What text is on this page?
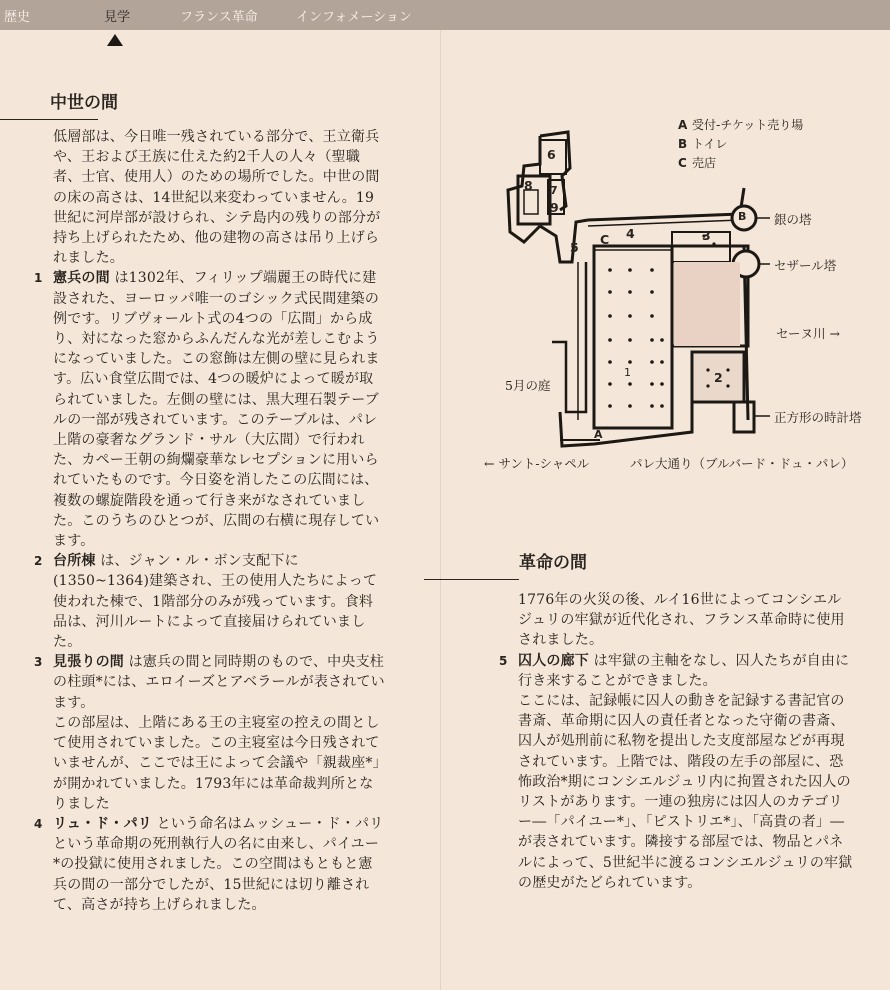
歴史	見学	フランス革命	インフォメーション
中世の間

低層部は、今日唯一残されている部分で、王立衛兵や、王および王族に仕えた約2千人の人々（聖職者、士官、使用人）のための場所でした。中世の間の床の高さは、14世紀以来変わっていません。19世紀に河岸部が設けられ、シテ島内の残りの部分が持ち上げられたため、他の建物の高さは吊り上げられました。

1 憲兵の間 は1302年、フィリップ端麗王の時代に建設された、ヨーロッパ唯一のゴシック式民間建築の例です。リブヴォールト式の4つの「広間」から成り、対になった窓からふんだんな光が差しこむようになっていました。この窓飾は左側の壁に見られます。広い食堂広間では、4つの暖炉によって暖が取られていました。左側の壁には、黒大理石製テーブルの一部が残されています。このテーブルは、パレ上階の豪奢なグランド・サル（大広間）で行われた、カペー王朝の絢爛豪華なレセプションに用いられていたものです。今日姿を消したこの広間には、複数の螺旋階段を通って行き来がなされていました。このうちのひとつが、広間の右横に現存しています。
2 台所棟 は、ジャン・ル・ボン支配下に(1350~1364)建築され、王の使用人たちによって使われた棟で、1階部分のみが残っています。食料品は、河川ルートによって直接届けられていました。
3 見張りの間 は憲兵の間と同時期のもので、中央支柱の柱頭*には、エロイーズとアベラールが表されています。

この部屋は、上階にある王の主寝室の控えの間として使用されていました。この主寝室は今日残されていませんが、ここでは王によって会議や「親裁座*」が開かれていました。1793年には革命裁判所となりました

4 リュ・ド・パリ という命名はムッシュー・ド・パリという革命期の死刑執行人の名に由来し、パイユー*の投獄に使用されました。この空間はもともと憲兵の間の一部分でしたが、15世紀には切り離されて、高さが持ち上げられました。
A 受付-チケット売り場
B トイレ
C 売店
6
8 7
9
5
C 4	3
B
1	2
A
銀の塔
セザール塔
セーヌ川 →
5月の庭
正方形の時計塔
← サント-シャペル	パレ大通り（ブルバード・ドュ・パレ）
革命の間

1776年の火災の後、ルイ16世によってコンシエルジュリの牢獄が近代化され、フランス革命時に使用されました。

5 囚人の廊下 は牢獄の主軸をなし、囚人たちが自由に行き来することができました。

ここには、記録帳に囚人の動きを記録する書記官の書斎、革命期に囚人の責任者となった守衛の書斎、囚人が処刑前に私物を提出した支度部屋などが再現されています。上階では、階段の左手の部屋に、恐怖政治*期にコンシエルジュリ内に拘置された囚人のリストがあります。一連の独房には囚人のカテゴリー―「パイユー*」、「ピストリエ*」、「高貴の者」―が表されています。隣接する部屋では、物品とパネルによって、5世紀半に渡るコンシエルジュリの牢獄の歴史がたどられています。
